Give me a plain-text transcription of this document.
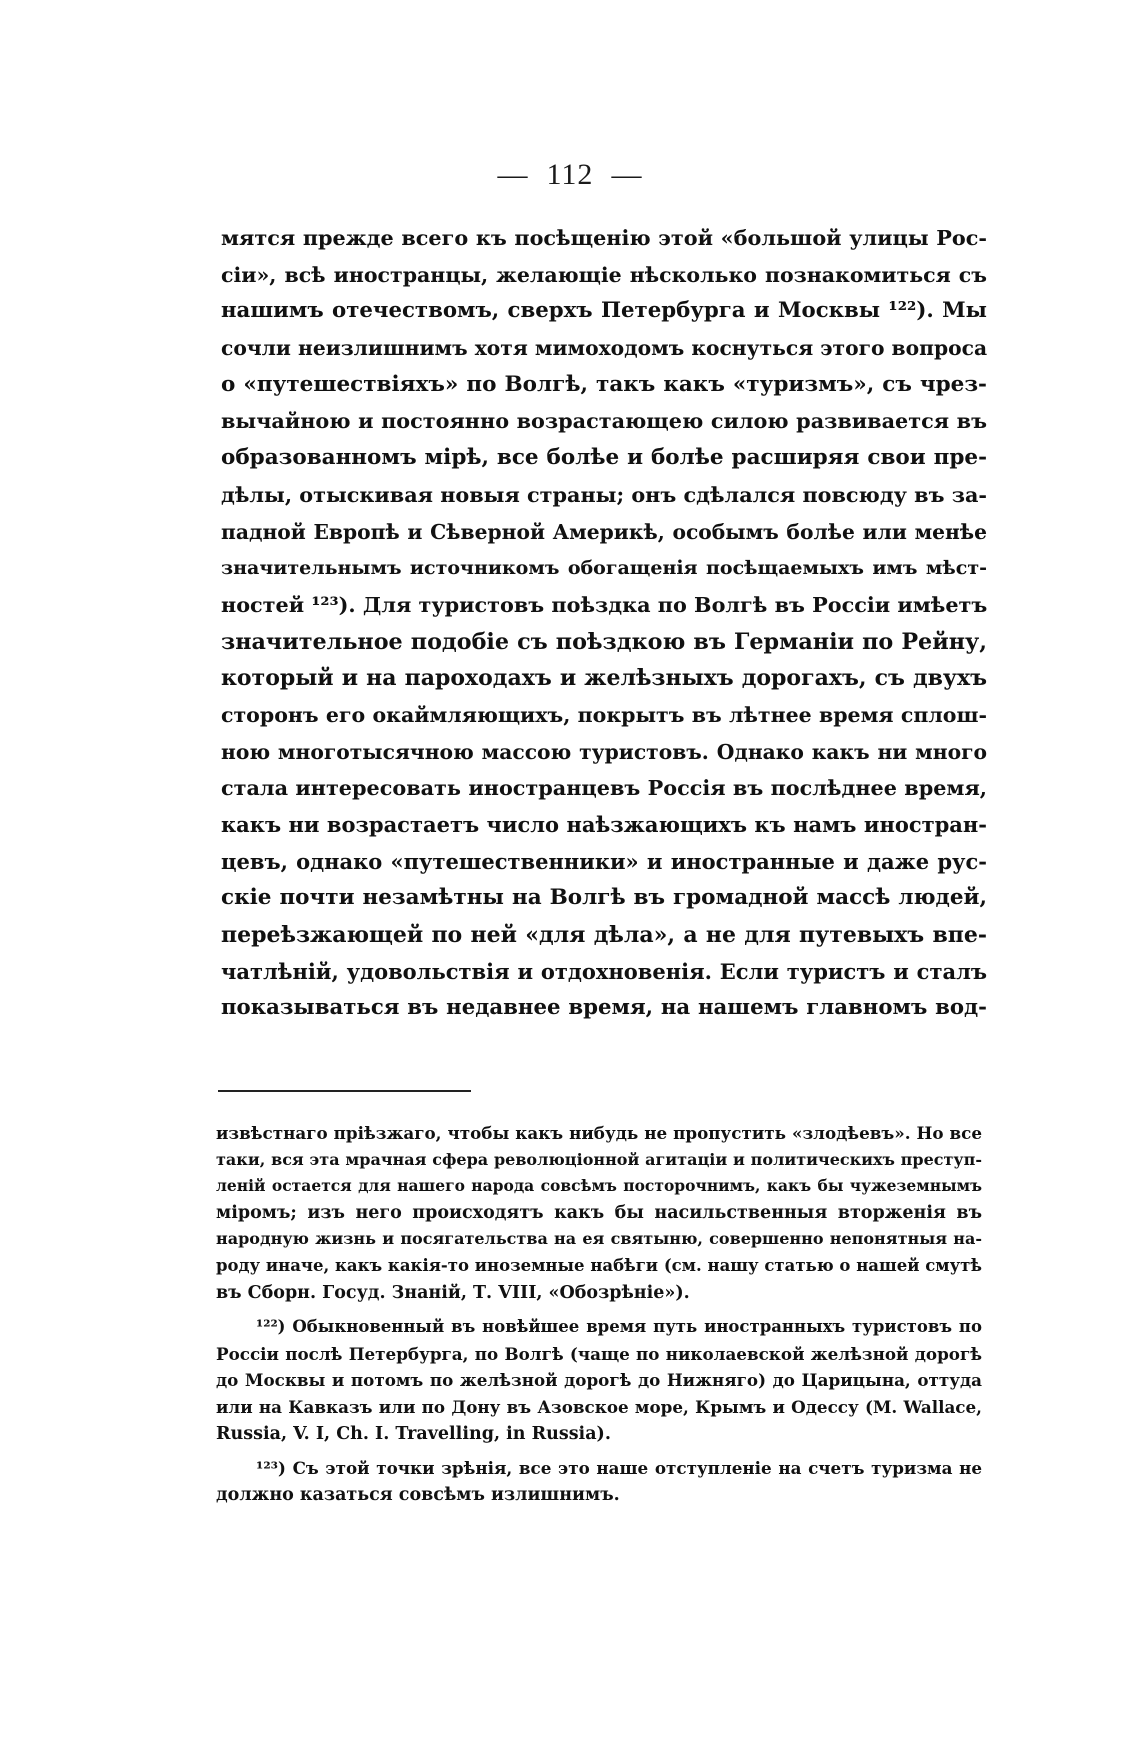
— 112 —
мятся прежде всего къ посѣщенію этой «большой улицы Рос-
сіи», всѣ иностранцы, желающіе нѣсколько познакомиться съ
нашимъ отечествомъ, сверхъ Петербурга и Москвы ¹²²). Мы
сочли неизлишнимъ хотя мимоходомъ коснуться этого вопроса
о «путешествіяхъ» по Волгѣ, такъ какъ «туризмъ», съ чрез-
вычайною и постоянно возрастающею силою развивается въ
образованномъ мірѣ, все болѣе и болѣе расширяя свои пре-
дѣлы, отыскивая новыя страны; онъ сдѣлался повсюду въ за-
падной Европѣ и Сѣверной Америкѣ, особымъ болѣе или менѣе
значительнымъ источникомъ обогащенія посѣщаемыхъ имъ мѣст-
ностей ¹²³). Для туристовъ поѣздка по Волгѣ въ Россіи имѣетъ
значительное подобіе съ поѣздкою въ Германіи по Рейну,
который и на пароходахъ и желѣзныхъ дорогахъ, съ двухъ
сторонъ его окаймляющихъ, покрытъ въ лѣтнее время сплош-
ною многотысячною массою туристовъ. Однако какъ ни много
стала интересовать иностранцевъ Россія въ послѣднее время,
какъ ни возрастаетъ число наѣзжающихъ къ намъ иностран-
цевъ, однако «путешественники» и иностранные и даже рус-
скіе почти незамѣтны на Волгѣ въ громадной массѣ людей,
переѣзжающей по ней «для дѣла», а не для путевыхъ впе-
чатлѣній, удовольствія и отдохновенія. Если туристъ и сталъ
показываться въ недавнее время, на нашемъ главномъ вод-
извѣстнаго пріѣзжаго, чтобы какъ нибудь не пропустить «злодѣевъ». Но все
таки, вся эта мрачная сфера революціонной агитаціи и политическихъ преступ-
леній остается для нашего народа совсѣмъ посторочнимъ, какъ бы чужеземнымъ
міромъ; изъ него происходятъ какъ бы насильственныя вторженія въ
народную жизнь и посягательства на ея святыню, совершенно непонятныя на-
роду иначе, какъ какія-то иноземные набѣги (см. нашу статью о нашей смутѣ
въ Сборн. Госуд. Знаній, Т. VIII, «Обозрѣніе»).
¹²²) Обыкновенный въ новѣйшее время путь иностранныхъ туристовъ по
Россіи послѣ Петербурга, по Волгѣ (чаще по николаевской желѣзной дорогѣ
до Москвы и потомъ по желѣзной дорогѣ до Нижняго) до Царицына, оттуда
или на Кавказъ или по Дону въ Азовское море, Крымъ и Одессу (M. Wallace,
Russia, V. I, Ch. I. Travelling, in Russia).
¹²³) Съ этой точки зрѣнія, все это наше отступленіе на счетъ туризма не
должно казаться совсѣмъ излишнимъ.
